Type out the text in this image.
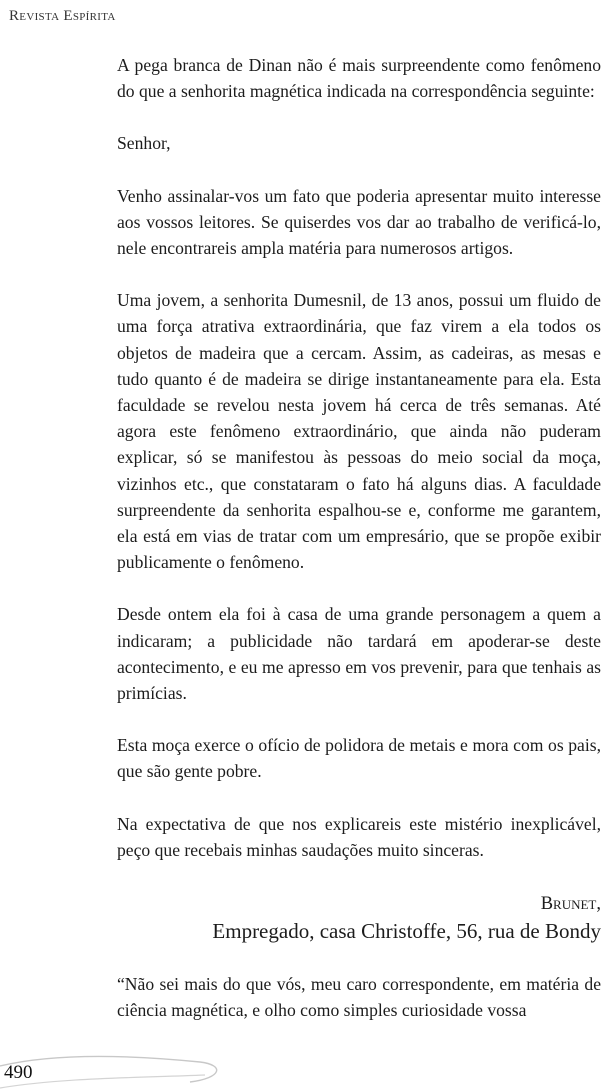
Revista Espírita

A pega branca de Dinan não é mais surpreendente como fenômeno do que a senhorita magnética indicada na correspondência seguinte:

Senhor,

Venho assinalar-vos um fato que poderia apresentar muito interesse aos vossos leitores. Se quiserdes vos dar ao trabalho de verificá-lo, nele encontrareis ampla matéria para numerosos artigos.

Uma jovem, a senhorita Dumesnil, de 13 anos, possui um fluido de uma força atrativa extraordinária, que faz virem a ela todos os objetos de madeira que a cercam. Assim, as cadeiras, as mesas e tudo quanto é de madeira se dirige instantaneamente para ela. Esta faculdade se revelou nesta jovem há cerca de três semanas. Até agora este fenômeno extraordinário, que ainda não puderam explicar, só se manifestou às pessoas do meio social da moça, vizinhos etc., que constataram o fato há alguns dias. A faculdade surpreendente da senhorita espalhou-se e, conforme me garantem, ela está em vias de tratar com um empresário, que se propõe exibir publicamente o fenômeno.

Desde ontem ela foi à casa de uma grande personagem a quem a indicaram; a publicidade não tardará em apoderar-se deste acontecimento, e eu me apresso em vos prevenir, para que tenhais as primícias.

Esta moça exerce o ofício de polidora de metais e mora com os pais, que são gente pobre.

Na expectativa de que nos explicareis este mistério inexplicável, peço que recebais minhas saudações muito sinceras.

Brunet,

Empregado, casa Christoffe, 56, rua de Bondy

“Não sei mais do que vós, meu caro correspondente, em matéria de ciência magnética, e olho como simples curiosidade vossa

490
